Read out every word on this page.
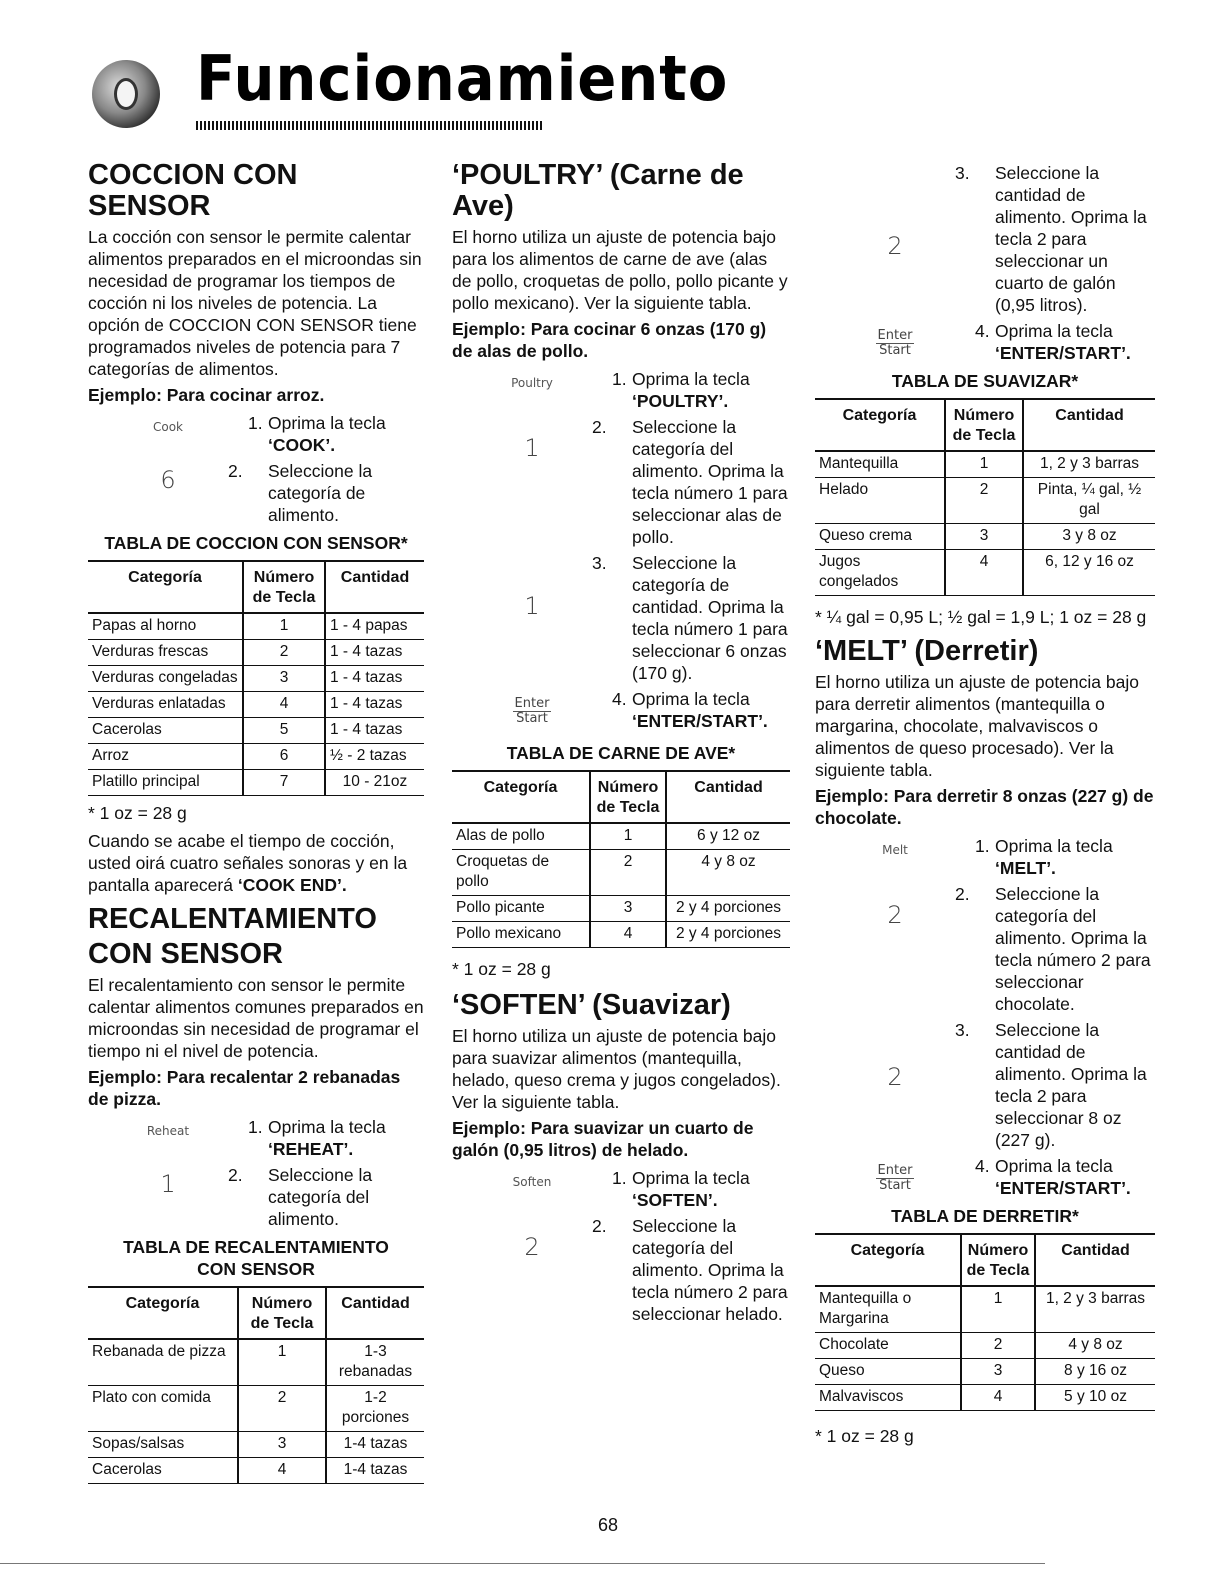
Funcionamiento
COCCION CON SENSOR

La cocción con sensor le permite calentar alimentos preparados en el microondas sin necesidad de programar los tiempos de cocción ni los niveles de potencia. La opción de COCCION CON SENSOR tiene programados niveles de potencia para 7 categorías de alimentos.

Ejemplo: Para cocinar arroz.

Cook	1. Oprima la tecla
‘COOK’.
6	2. Seleccione la categoría de alimento.
TABLA DE COCCION CON SENSOR*
Categoría	Número de Tecla	Cantidad
Papas al horno	1	1 - 4 papas
Verduras frescas	2	1 - 4 tazas
Verduras congeladas	3	1 - 4 tazas
Verduras enlatadas	4	1 - 4 tazas
Cacerolas	5	1 - 4 tazas
Arroz	6	½ - 2 tazas
Platillo principal	7	10 - 21oz
* 1 oz = 28 g

Cuando se acabe el tiempo de cocción, usted oirá cuatro señales sonoras y en la pantalla aparecerá ‘COOK END’.

RECALENTAMIENTO
CON SENSOR

El recalentamiento con sensor le permite calentar alimentos comunes preparados en microondas sin necesidad de programar el tiempo ni el nivel de potencia.

Ejemplo: Para recalentar 2 rebanadas de pizza.

Reheat	1. Oprima la tecla
‘REHEAT’.
1	2. Seleccione la categoría del alimento.
TABLA DE RECALENTAMIENTO
CON SENSOR
Categoría	Número de Tecla	Cantidad
Rebanada de pizza	1	1-3 rebanadas
Plato con comida	2	1-2 porciones
Sopas/salsas	3	1-4 tazas
Cacerolas	4	1-4 tazas
‘POULTRY’ (Carne de Ave)

El horno utiliza un ajuste de potencia bajo para los alimentos de carne de ave (alas de pollo, croquetas de pollo, pollo picante y pollo mexicano). Ver la siguiente tabla.

Ejemplo: Para cocinar 6 onzas (170 g) de alas de pollo.

Poultry	1. Oprima la tecla
‘POULTRY’.
1
2. Seleccione la categoría del alimento. Oprima la tecla número 1 para seleccionar alas de pollo.
1
3. Seleccione la categoría de cantidad. Oprima la tecla número 1 para seleccionar 6 onzas (170 g).
Enter
Start
4. Oprima la tecla
‘ENTER/START’.
TABLA DE CARNE DE AVE*
Categoría	Número de Tecla	Cantidad
Alas de pollo	1	6 y 12 oz
Croquetas de pollo	2	4 y 8 oz
Pollo picante	3	2 y 4 porciones
Pollo mexicano	4	2 y 4 porciones
* 1 oz = 28 g
‘SOFTEN’ (Suavizar)

El horno utiliza un ajuste de potencia bajo para suavizar alimentos (mantequilla, helado, queso crema y jugos congelados). Ver la siguiente tabla.

Ejemplo: Para suavizar un cuarto de galón (0,95 litros) de helado.

Soften	1. Oprima la tecla
‘SOFTEN’.
2
2. Seleccione la categoría del alimento. Oprima la tecla número 2 para seleccionar helado.
2
3. Seleccione la cantidad de alimento. Oprima la tecla 2 para seleccionar un cuarto de galón (0,95 litros).
Enter
Start
4. Oprima la tecla
‘ENTER/START’.
TABLA DE SUAVIZAR*
Categoría	Número de Tecla	Cantidad
Mantequilla	1	1, 2 y 3 barras
Helado	2	Pinta, ¼ gal, ½ gal
Queso crema	3	3 y 8 oz
Jugos congelados	4	6, 12 y 16 oz
* ¼ gal = 0,95 L; ½ gal = 1,9 L; 1 oz = 28 g
‘MELT’ (Derretir)

El horno utiliza un ajuste de potencia bajo para derretir alimentos (mantequilla o margarina, chocolate, malvaviscos o alimentos de queso procesado). Ver la siguiente tabla.

Ejemplo: Para derretir 8 onzas (227 g) de chocolate.

Melt	1. Oprima la tecla
‘MELT’.
2
2. Seleccione la categoría del alimento. Oprima la tecla número 2 para seleccionar chocolate.
2
3. Seleccione la cantidad de alimento. Oprima la tecla 2 para seleccionar 8 oz (227 g).
Enter
Start
4. Oprima la tecla
‘ENTER/START’.
TABLA DE DERRETIR*
Categoría	Número de Tecla	Cantidad
Mantequilla o Margarina	1	1, 2 y 3 barras
Chocolate	2	4 y 8 oz
Queso	3	8 y 16 oz
Malvaviscos	4	5 y 10 oz
* 1 oz = 28 g
68
